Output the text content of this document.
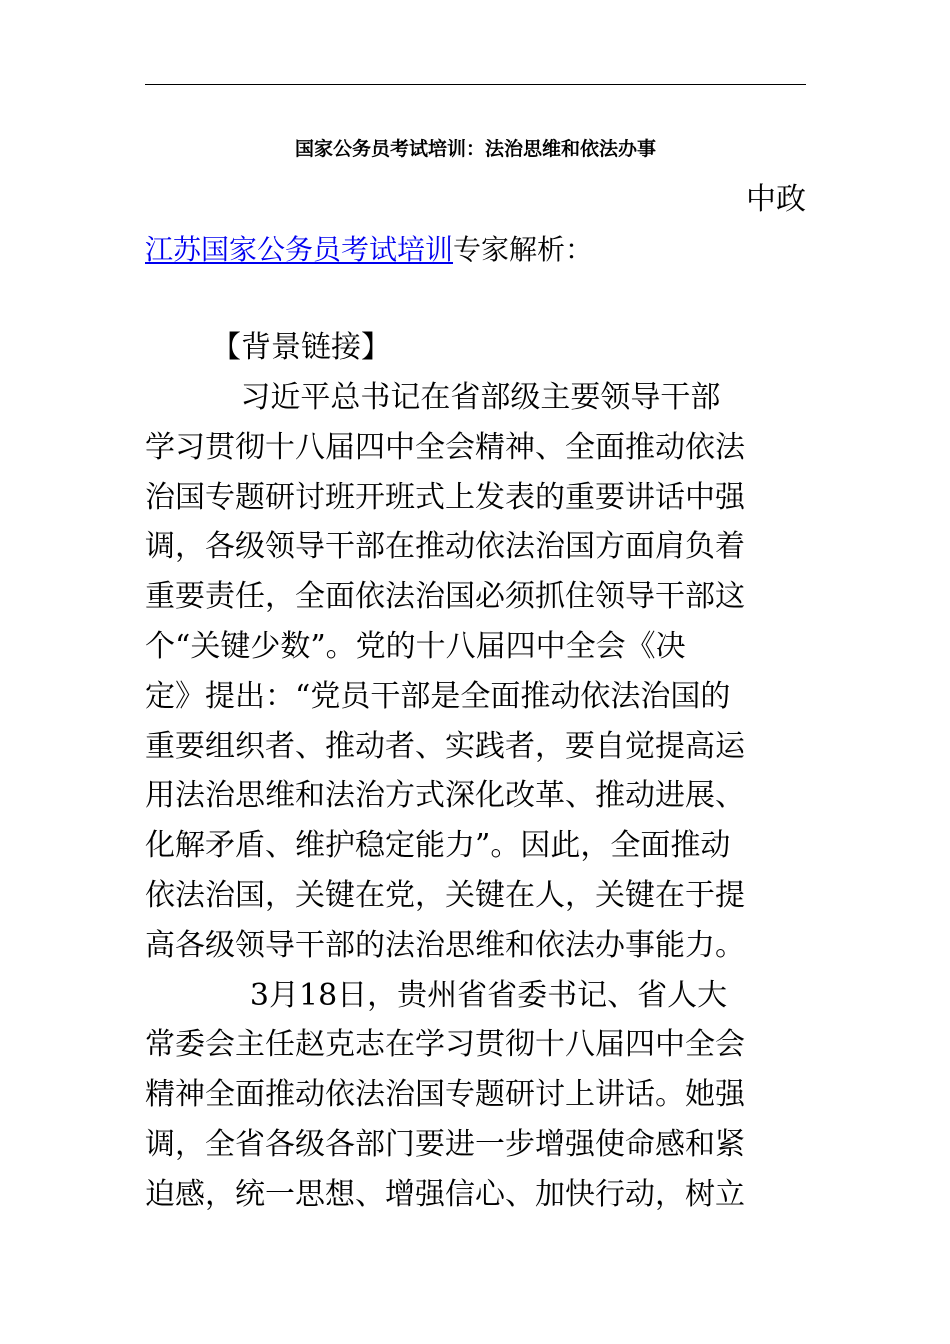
国家公务员考试培训：法治思维和依法办事
中政
江苏国家公务员考试培训专家解析：
【背景链接】
习近平总书记在省部级主要领导干部
学习贯彻十八届四中全会精神、全面推动依法
治国专题研讨班开班式上发表的重要讲话中强
调，各级领导干部在推动依法治国方面肩负着
重要责任，全面依法治国必须抓住领导干部这
个“关键少数”。党的十八届四中全会《决
定》提出：“党员干部是全面推动依法治国的
重要组织者、推动者、实践者，要自觉提高运
用法治思维和法治方式深化改革、推动进展、
化解矛盾、维护稳定能力”。因此，全面推动
依法治国，关键在党，关键在人，关键在于提
高各级领导干部的法治思维和依法办事能力。
3月18日，贵州省省委书记、省人大
常委会主任赵克志在学习贯彻十八届四中全会
精神全面推动依法治国专题研讨上讲话。她强
调，全省各级各部门要进一步增强使命感和紧
迫感，统一思想、增强信心、加快行动，树立
